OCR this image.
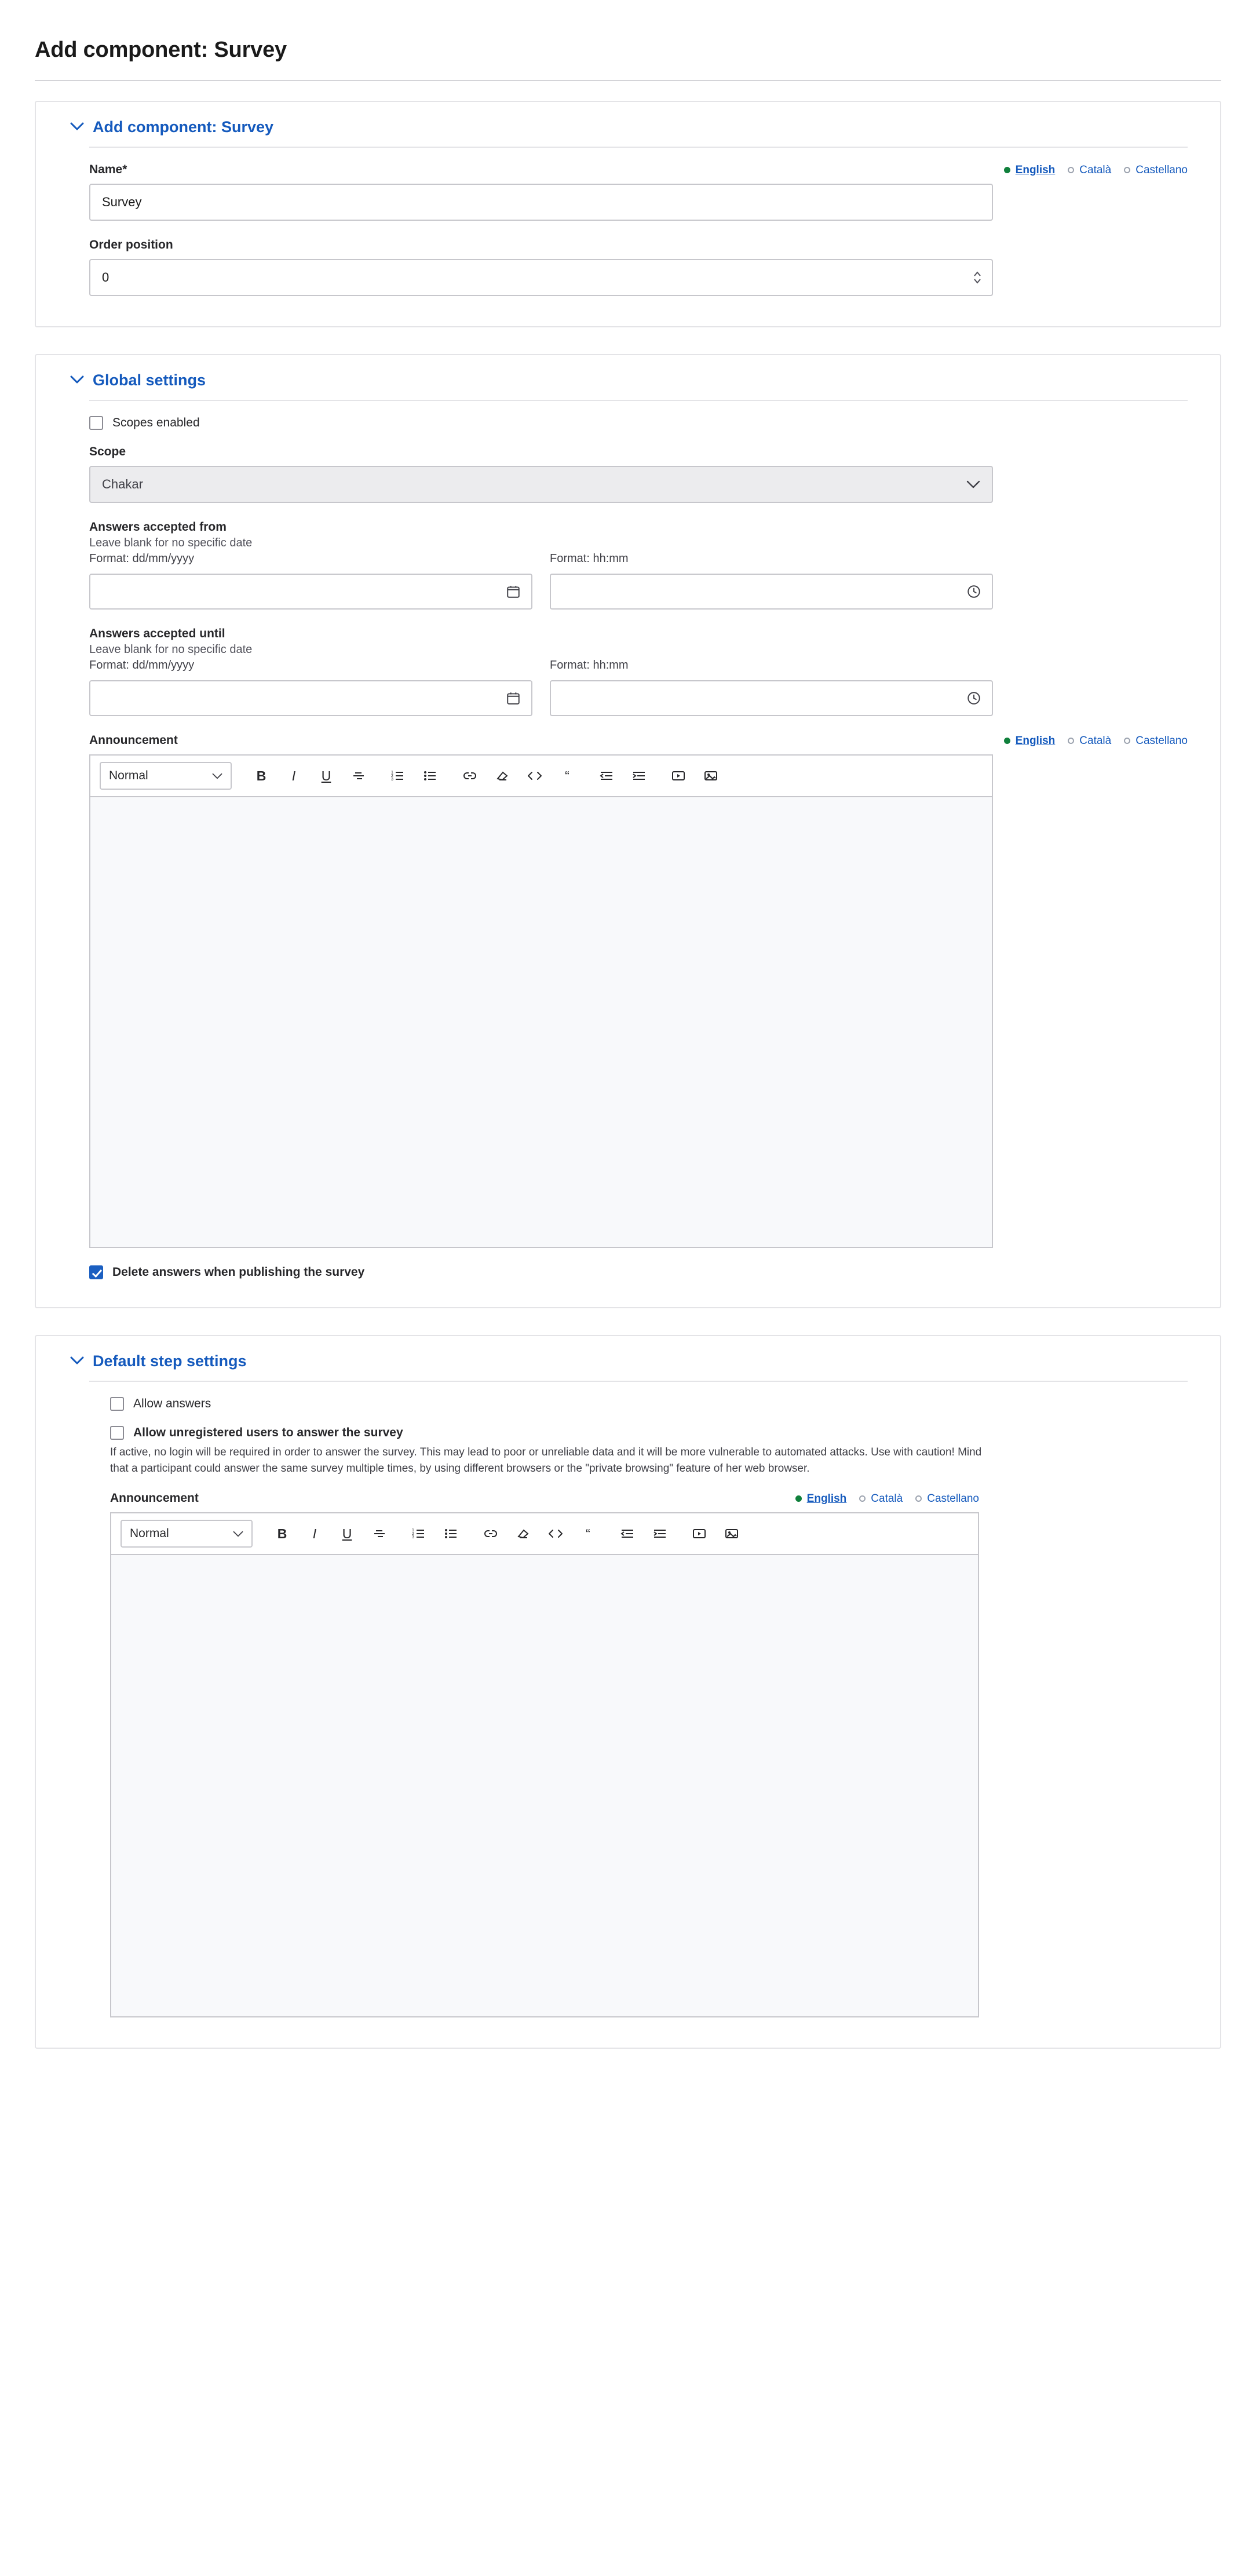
Add component: Survey
Add component: Survey
Name*	English Català Castellano
Survey
Order position
0
Global settings
Scopes enabled
Scope
Chakar
Answers accepted from
Leave blank for no specific date
Format: dd/mm/yyyy	Format: hh:mm
Answers accepted until
Leave blank for no specific date
Format: dd/mm/yyyy	Format: hh:mm
Announcement	English Català Castellano
Normal	B I U	1
2
3	“
Delete answers when publishing the survey
Default step settings
Allow answers
Allow unregistered users to answer the survey
If active, no login will be required in order to answer the survey. This may lead to poor or unreliable data and it will be more vulnerable to automated attacks. Use with caution! Mind that a participant could answer the same survey multiple times, by using different browsers or the "private browsing" feature of her web browser.
Announcement	English Català Castellano
Normal	B I U	1
2
3	“
